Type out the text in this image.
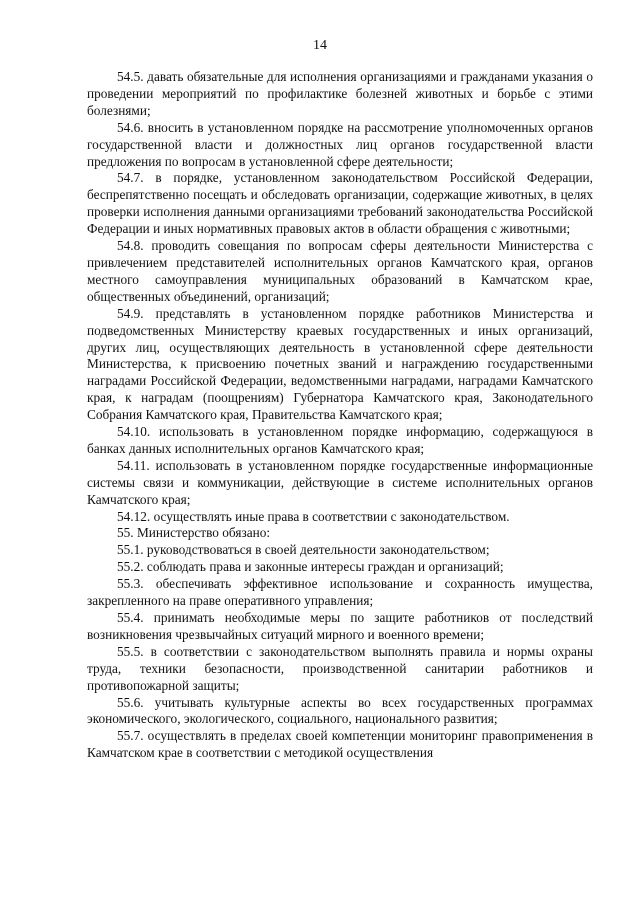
14

54.5. давать обязательные для исполнения организациями и гражданами указания о проведении мероприятий по профилактике болезней животных и борьбе с этими болезнями;

54.6. вносить в установленном порядке на рассмотрение уполномоченных органов государственной власти и должностных лиц органов государственной власти предложения по вопросам в установленной сфере деятельности;

54.7. в порядке, установленном законодательством Российской Федерации, беспрепятственно посещать и обследовать организации, содержащие животных, в целях проверки исполнения данными организациями требований законодательства Российской Федерации и иных нормативных правовых актов в области обращения с животными;

54.8. проводить совещания по вопросам сферы деятельности Министерства с привлечением представителей исполнительных органов Камчатского края, органов местного самоуправления муниципальных образований в Камчатском крае, общественных объединений, организаций;

54.9. представлять в установленном порядке работников Министерства и подведомственных Министерству краевых государственных и иных организаций, других лиц, осуществляющих деятельность в установленной сфере деятельности Министерства, к присвоению почетных званий и награждению государственными наградами Российской Федерации, ведомственными наградами, наградами Камчатского края, к наградам (поощрениям) Губернатора Камчатского края, Законодательного Собрания Камчатского края, Правительства Камчатского края;

54.10. использовать в установленном порядке информацию, содержащуюся в банках данных исполнительных органов Камчатского края;

54.11. использовать в установленном порядке государственные информационные системы связи и коммуникации, действующие в системе исполнительных органов Камчатского края;

54.12. осуществлять иные права в соответствии с законодательством.

55. Министерство обязано:

55.1. руководствоваться в своей деятельности законодательством;

55.2. соблюдать права и законные интересы граждан и организаций;

55.3. обеспечивать эффективное использование и сохранность имущества, закрепленного на праве оперативного управления;

55.4. принимать необходимые меры по защите работников от последствий возникновения чрезвычайных ситуаций мирного и военного времени;

55.5. в соответствии с законодательством выполнять правила и нормы охраны труда, техники безопасности, производственной санитарии работников и противопожарной защиты;

55.6. учитывать культурные аспекты во всех государственных программах экономического, экологического, социального, национального развития;

55.7. осуществлять в пределах своей компетенции мониторинг правоприменения в Камчатском крае в соответствии с методикой осуществления
